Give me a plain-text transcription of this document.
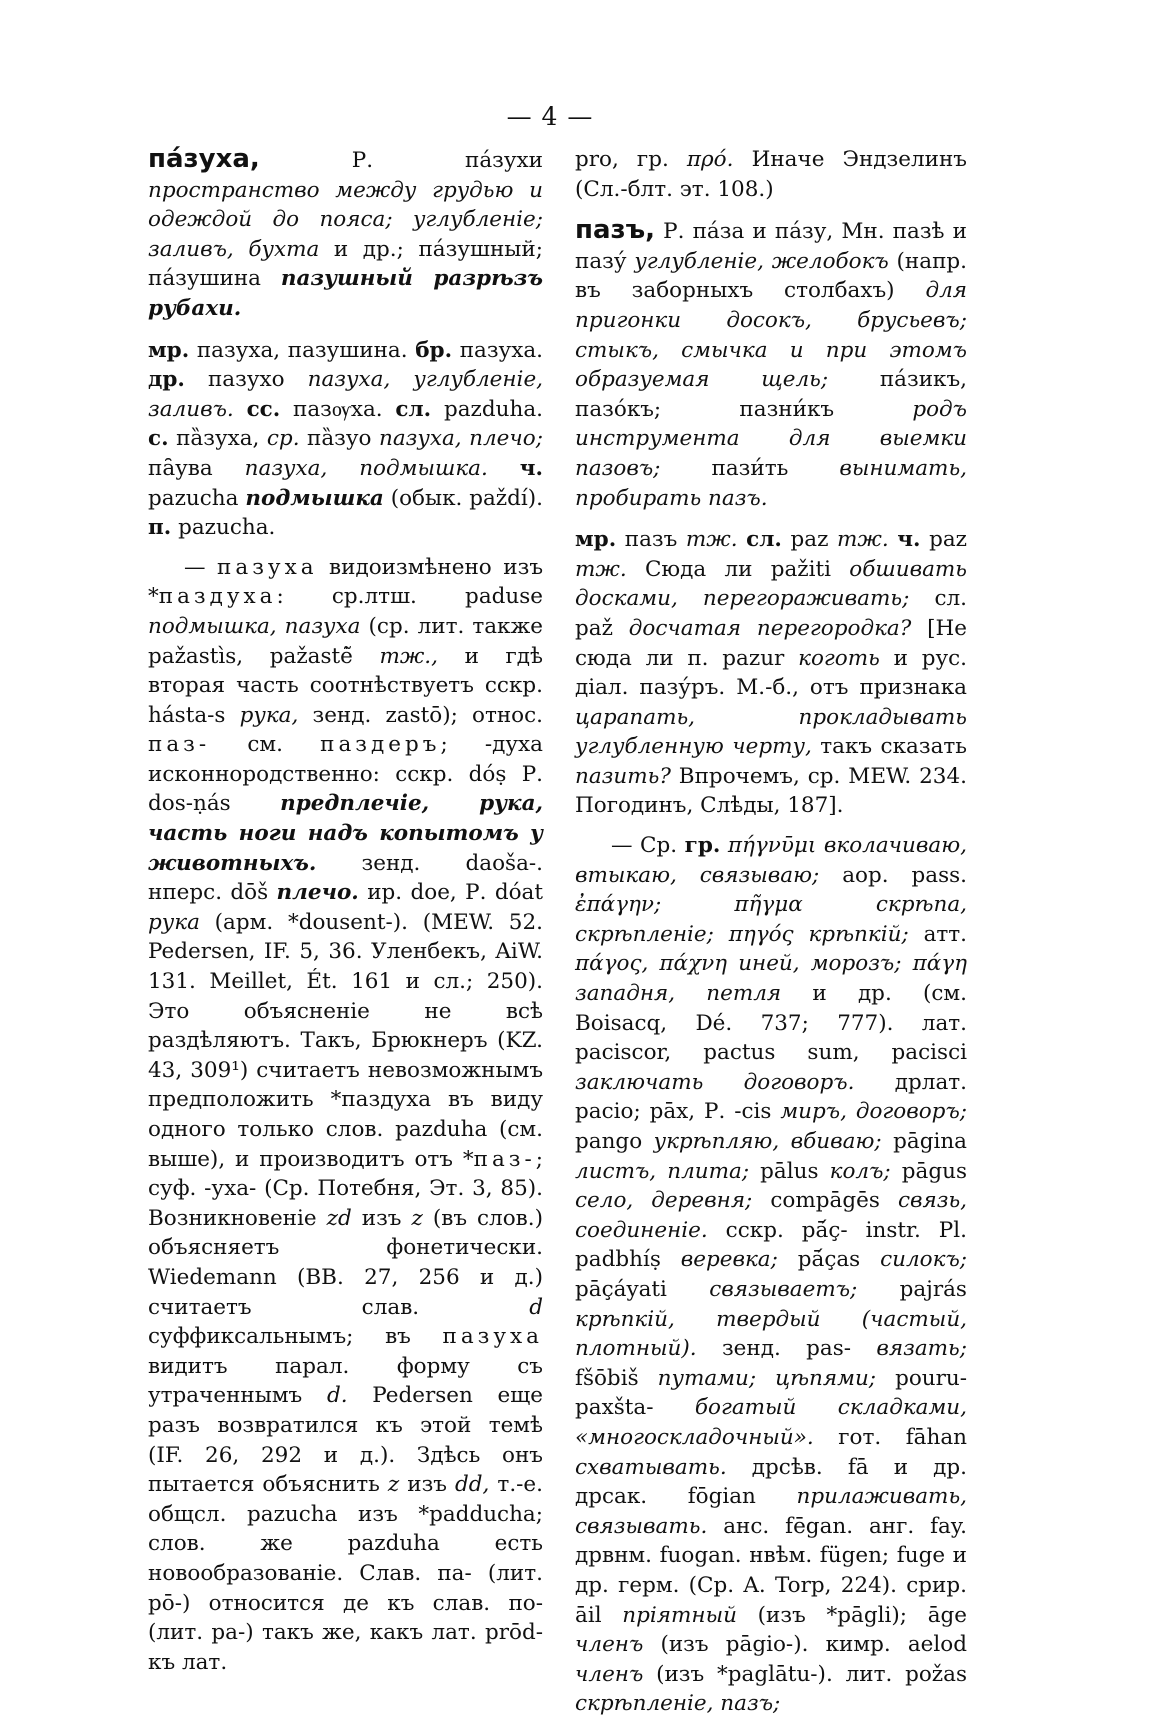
— 4 —

па́зуха,	Р. па́зухи пространство между грудью и одеждой до пояса; углубленіе; заливъ, бухта и др.; па́зушный; па́зушина пазушный разрѣзъ рубахи.

мр. пазуха, пазушина. бр. пазуха. др. пазухо пазуха, углубленіе, заливъ. сс. пазѹха. сл. pazduha. с. па̏зуха, ср. па̏зуо пазуха, плечо; па̑ува пазуха, подмышка. ч. pazucha подмышка (обык. paždí). п. pazucha.

— пазуха видоизмѣнено изъ *паздуха: ср.лтш. paduse подмышка, пазуха (ср. лит. также pažastìs, pažastė̃ тж., и гдѣ вторая часть соотнѣствуетъ сскр. hásta-s рука, зенд. zastō); относ. паз- см. паздеръ; -духа исконнородственно: сскр. dóṣ Р. dos-ṇás предплечіе, рука, часть ноги надъ копытомъ у животныхъ. зенд. daoša-. нперс. dōš плечо. ир. doe, Р. dóat рука (арм. *dousent-). (MEW. 52. Pedersen, IF. 5, 36. Уленбекъ, AiW. 131. Meillet, Ét. 161 и сл.; 250). Это объясненіе не всѣ раздѣляютъ. Такъ, Брюкнеръ (KZ. 43, 309¹) считаетъ невозможнымъ предположить *паздуха въ виду одного только слов. pazduha (см. выше), и производитъ отъ *паз-; суф. -уха- (Ср. Потебня, Эт. 3, 85). Возникновеніе zd изъ z (въ слов.) объясняетъ фонетически. Wiedemann (BB. 27, 256 и д.) считаетъ слав.	d суффиксальнымъ; въ пазуха видитъ парал. форму съ утраченнымъ d. Pedersen еще разъ возвратился къ этой темѣ (IF. 26, 292 и д.). Здѣсь онъ пытается объяснить z изъ dd, т.-е. общсл. pazucha изъ *padducha; слов. же pazduha есть новообразованіе. Слав. па- (лит. pō-) относится де къ слав. по- (лит. pa-) такъ же, какъ лат. prōd- къ лат.

pro, гр. πρό. Иначе Эндзелинъ (Сл.-блт. эт. 108.)

пазъ, Р. па́за и па́зу, Мн. пазѣ и пазу́ углубленіе, желобокъ (напр. въ заборныхъ столбахъ) для пригонки досокъ, брусьевъ; стыкъ, смычка и при этомъ образуемая щель; па́зикъ, пазо́къ; пазни́къ	родъ инструмента для выемки пазовъ; пази́ть вынимать, пробирать пазъ.

мр. пазъ тж. сл. paz тж. ч. paz тж. Сюда ли pažiti обшивать досками, перегораживать; сл. paž досчатая перегородка? [Не сюда ли п. pazur коготь и рус. діал. пазу́ръ. М.-б., отъ признака царапать, прокладывать углубленную черту, такъ сказать пазить? Впрочемъ, ср. MEW. 234. Погодинъ, Слѣды, 187].

— Ср. гр. πήγνῡμι вколачиваю, втыкаю, связываю; аор. pass. ἐπάγην; πῆγμα	скрѣпа, скрѣпленіе; πηγός крѣпкій; атт. πάγος, πάχνη иней, морозъ; πάγη западня, петля и др. (см. Boisacq, Dé. 737; 777). лат. paciscor, pactus sum, pacisci заключать договоръ. дрлат. pacio; pāx, Р. -cis миръ, договоръ; pango укрѣпляю, вбиваю; pāgina листъ, плита; pālus колъ; pāgus село, деревня; compāgēs связь, соединеніе. сскр. pā́ç- instr. Pl. padbhíṣ веревка; pā́çаs силокъ; pāçáyati связываетъ; pajrás крѣпкій, твердый (частый, плотный). зенд. pas- вязать; fšōbiš путами; цѣпями; pouru- paxšta- богатый складками, «многоскладочный». гот. fāhan схватывать. дрсѣв. fā и др. дрсак. fōgian прилаживать, связывать. анс. fēgan. анг. fay. дрвнм. fuogan. нвѣм. fügen; fuge и др. герм. (Ср. A. Torp, 224). срир. āil пріятный (изъ *pāgli); āge членъ (изъ pāgio-). кимр. aelod членъ (изъ *paglātu-). лит. požas скрѣпленіе, пазъ;
